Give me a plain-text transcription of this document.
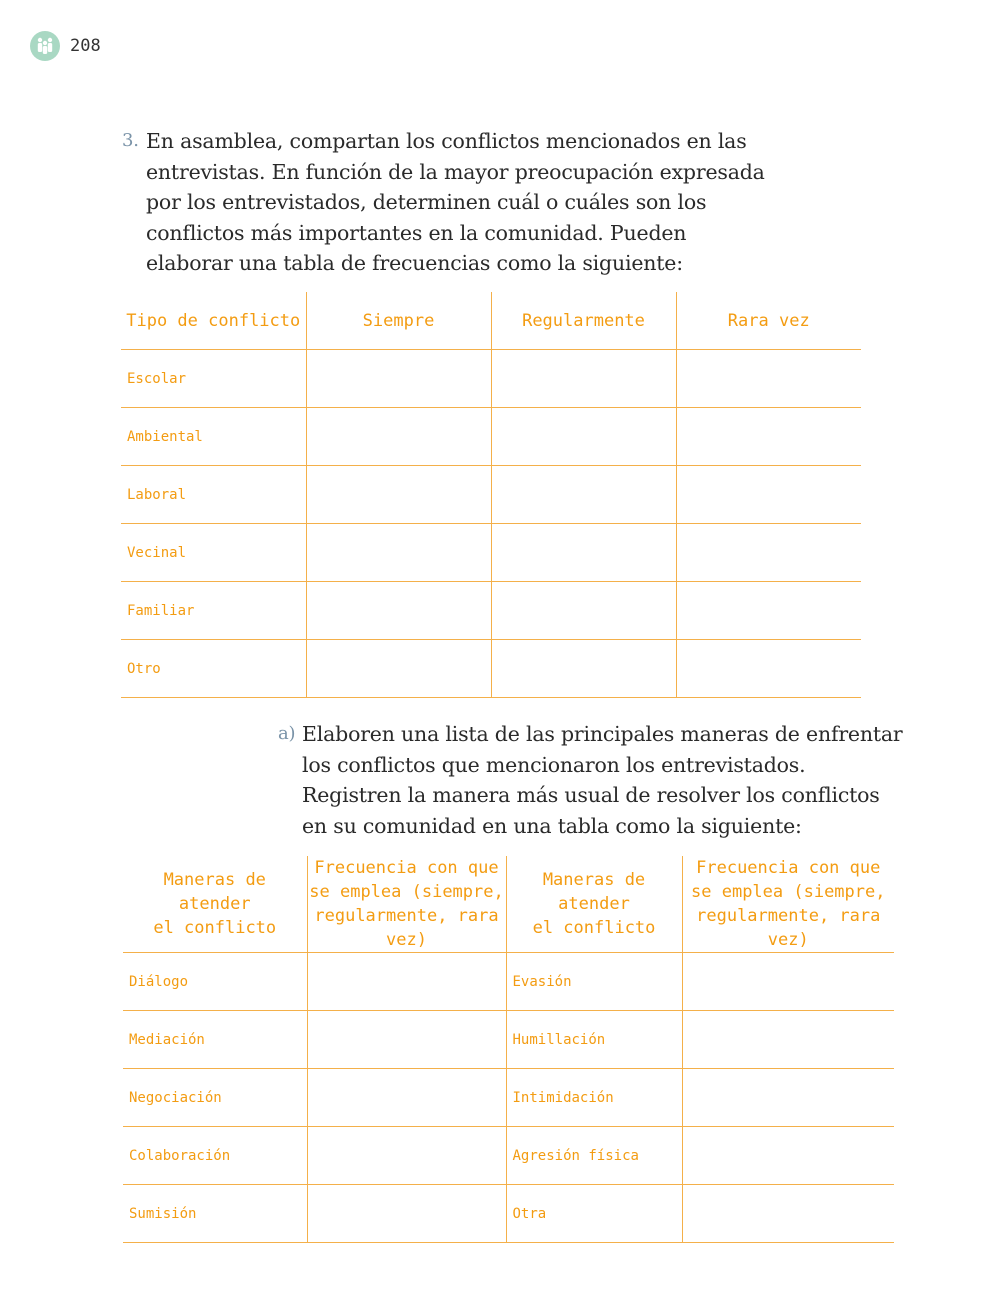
208
3. En asamblea, compartan los conflictos mencionados en las
entrevistas. En función de la mayor preocupación expresada
por los entrevistados, determinen cuál o cuáles son los
conflictos más importantes en la comunidad. Pueden
elaborar una tabla de frecuencias como la siguiente:
Tipo de conflicto	Siempre	Regularmente	Rara vez
Escolar			
Ambiental			
Laboral			
Vecinal			
Familiar			
Otro			
a) Elaboren una lista de las principales maneras de enfrentar
los conflictos que mencionaron los entrevistados.
Registren la manera más usual de resolver los conflictos
en su comunidad en una tabla como la siguiente:
Maneras de atender
el conflicto	Frecuencia con que
se emplea (siempre,
regularmente, rara vez)	Maneras de atender
el conflicto	Frecuencia con que
se emplea (siempre,
regularmente, rara vez)
Diálogo		Evasión	
Mediación		Humillación	
Negociación		Intimidación	
Colaboración		Agresión física	
Sumisión		Otra	
